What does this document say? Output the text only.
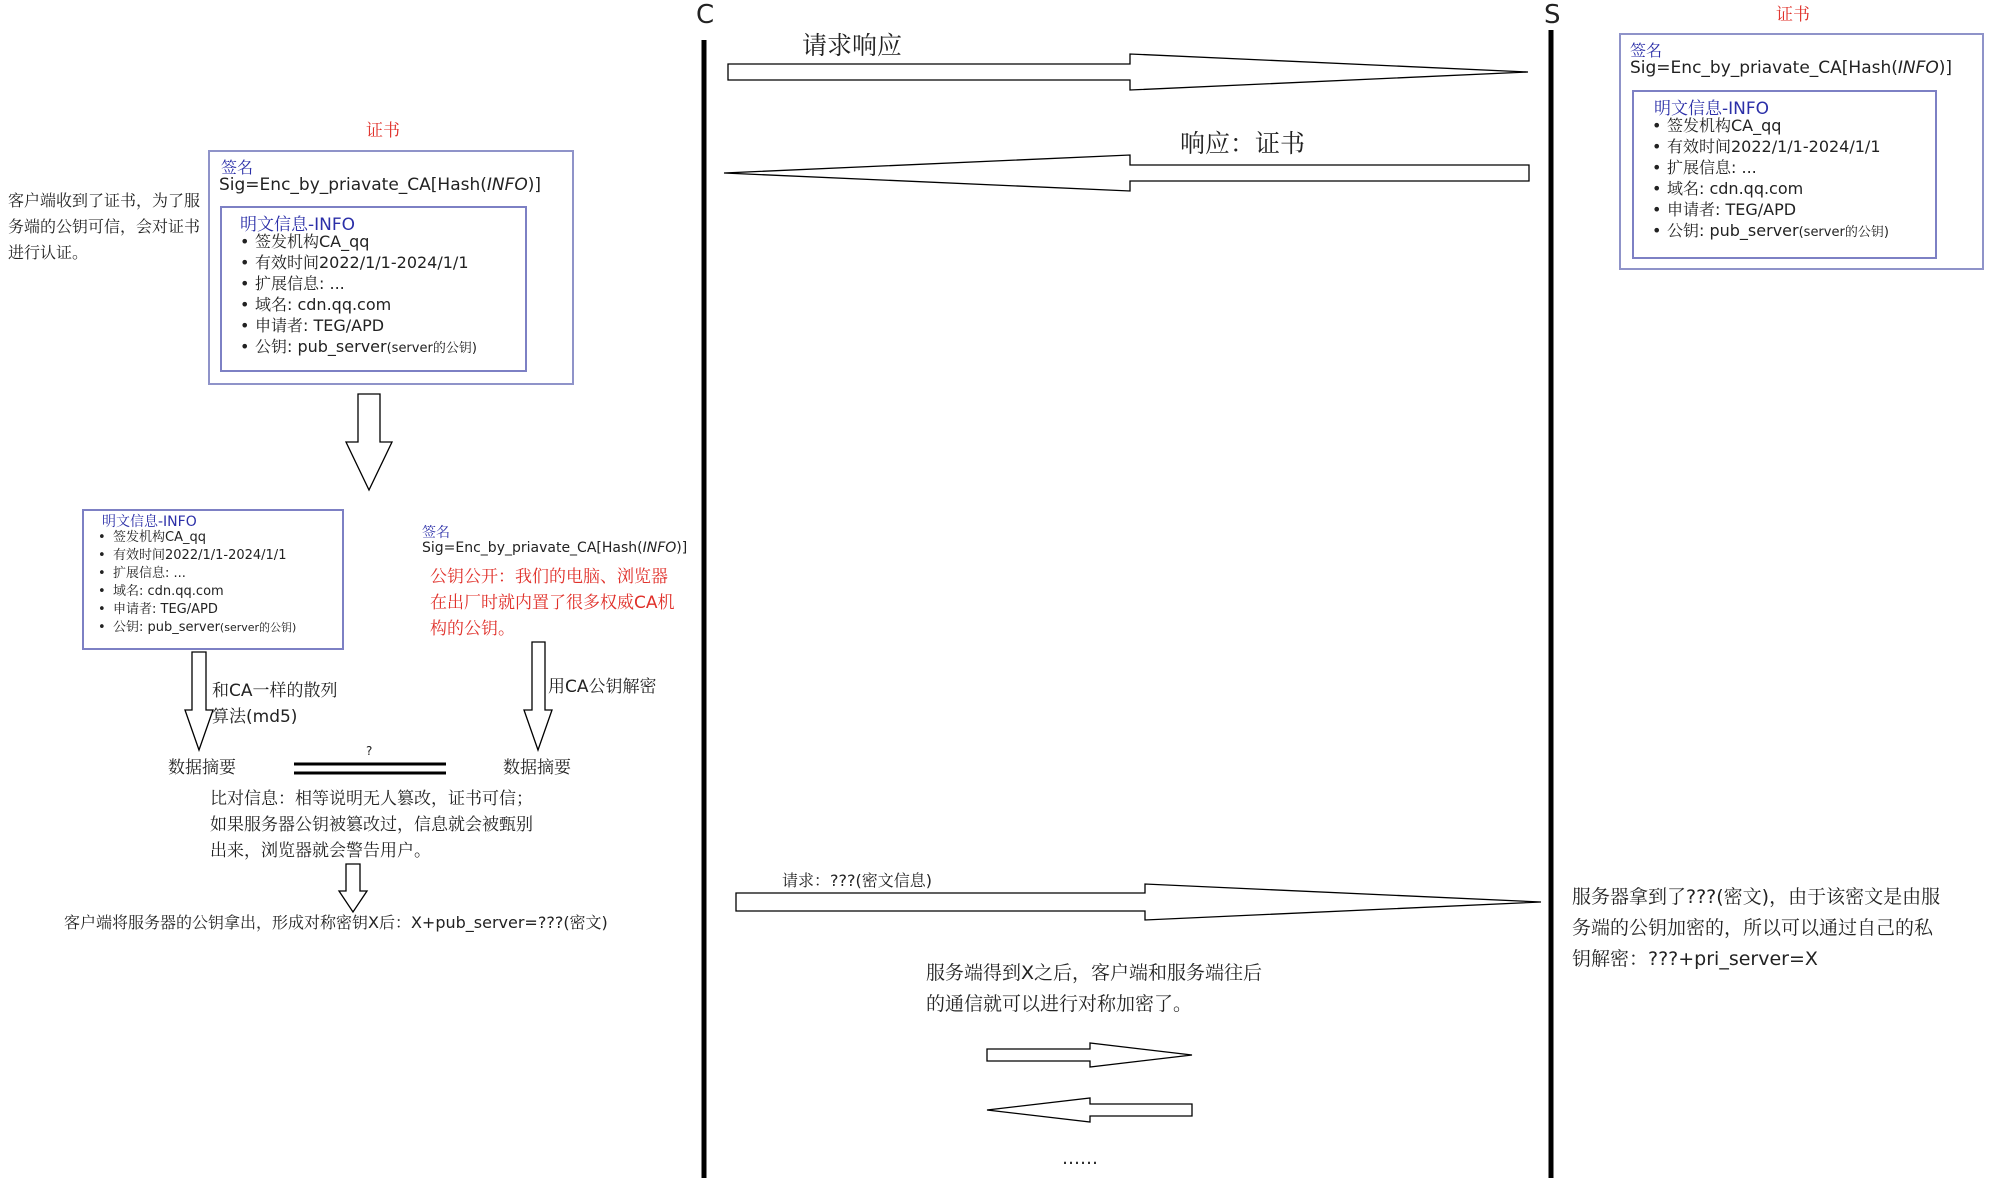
C	S
请求响应
响应：证书
请求：???(密文信息)
……
证书
签名
Sig=Enc_by_priavate_CA[Hash(INFO)]
明文信息-INFO
• 签发机构CA_qq
• 有效时间2022/1/1-2024/1/1
• 扩展信息: ...
• 域名: cdn.qq.com
• 申请者: TEG/APD
• 公钥: pub_server(server的公钥)
客户端收到了证书，为了服务端的公钥可信，会对证书进行认证。
明文信息-INFO
• 签发机构CA_qq
• 有效时间2022/1/1-2024/1/1
• 扩展信息: ...
• 域名: cdn.qq.com
• 申请者: TEG/APD
• 公钥: pub_server(server的公钥)
签名
Sig=Enc_by_priavate_CA[Hash(INFO)]
公钥公开：我们的电脑、浏览器在出厂时就内置了很多权威CA机构的公钥。
和CA一样的散列算法(md5)
用CA公钥解密
数据摘要	数据摘要
?
比对信息：相等说明无人篡改，证书可信；如果服务器公钥被篡改过，信息就会被甄别出来，浏览器就会警告用户。
客户端将服务器的公钥拿出，形成对称密钥X后：X+pub_server=???(密文)
服务端得到X之后，客户端和服务端往后的通信就可以进行对称加密了。
证书
签名
Sig=Enc_by_priavate_CA[Hash(INFO)]
明文信息-INFO
• 签发机构CA_qq
• 有效时间2022/1/1-2024/1/1
• 扩展信息: ...
• 域名: cdn.qq.com
• 申请者: TEG/APD
• 公钥: pub_server(server的公钥)
服务器拿到了???(密文)，由于该密文是由服务端的公钥加密的，所以可以通过自己的私钥解密：???+pri_server=X
